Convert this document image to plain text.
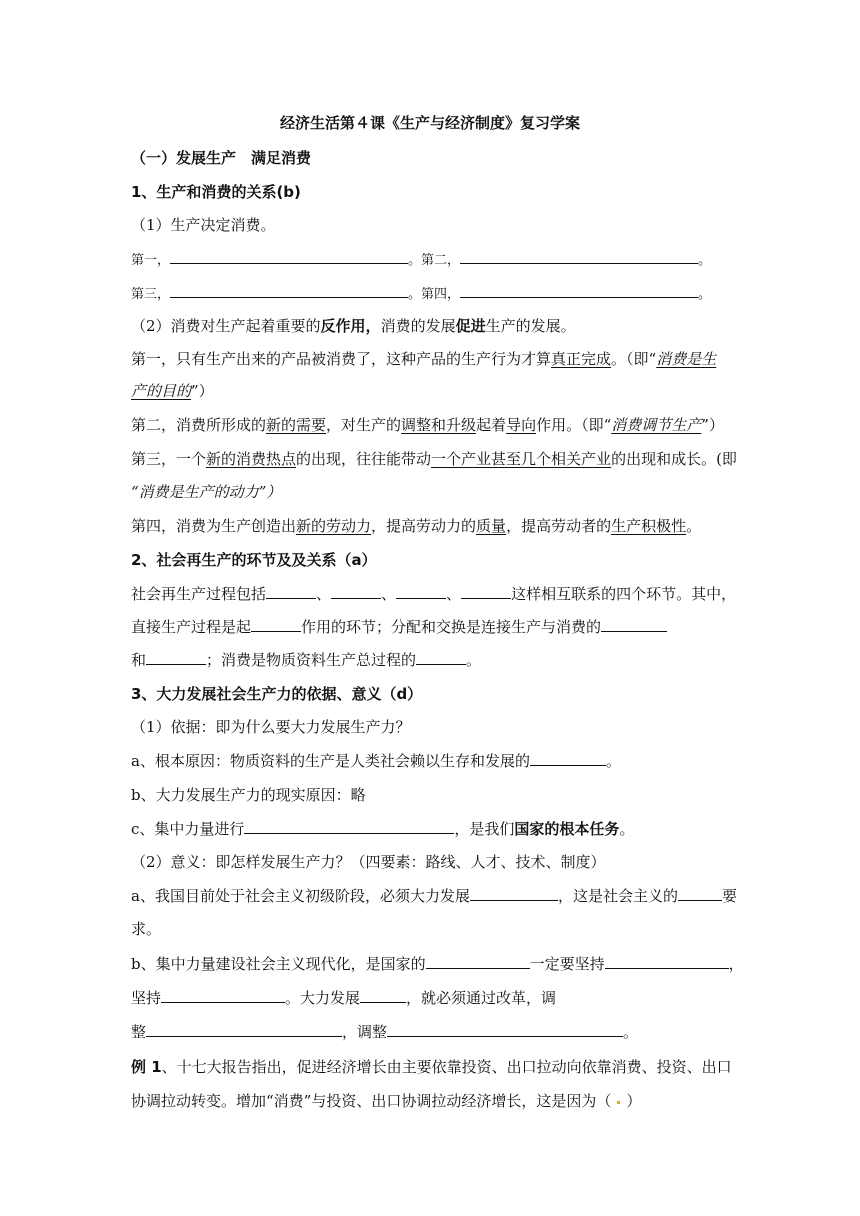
经济生活第４课《生产与经济制度》复习学案
（一）发展生产　满足消费
1、生产和消费的关系(b)
（1）生产决定消费。
第一，	。第二，	。
第三，	。第四，	。
（2）消费对生产起着重要的反作用，消费的发展促进生产的发展。
第一，只有生产出来的产品被消费了，这种产品的生产行为才算真正完成。（即“消费是生
产的目的”）
第二，消费所形成的新的需要，对生产的调整和升级起着导向作用。（即“消费调节生产”）
第三，一个新的消费热点的出现，往往能带动一个产业甚至几个相关产业的出现和成长。(即
“消费是生产的动力”）
第四，消费为生产创造出新的劳动力，提高劳动力的质量，提高劳动者的生产积极性。
2、社会再生产的环节及及关系（a）
社会再生产过程包括	、	、	、	这样相互联系的四个环节。其中，
直接生产过程是起	作用的环节；分配和交换是连接生产与消费的
和	；消费是物质资料生产总过程的	。
3、大力发展社会生产力的依据、意义（d）
（1）依据：即为什么要大力发展生产力？
a、根本原因：物质资料的生产是人类社会赖以生存和发展的	。
b、大力发展生产力的现实原因：略
c、集中力量进行	，是我们国家的根本任务。
（2）意义：即怎样发展生产力？（四要素：路线、人才、技术、制度）
a、我国目前处于社会主义初级阶段，必须大力发展	，这是社会主义的	要
求。
b、集中力量建设社会主义现代化，是国家的	一定要坚持	，
坚持	。大力发展	，就必须通过改革，调
整	，调整	。
例 1、十七大报告指出，促进经济增长由主要依靠投资、出口拉动向依靠消费、投资、出口
协调拉动转变。增加“消费”与投资、出口协调拉动经济增长，这是因为（ ）
